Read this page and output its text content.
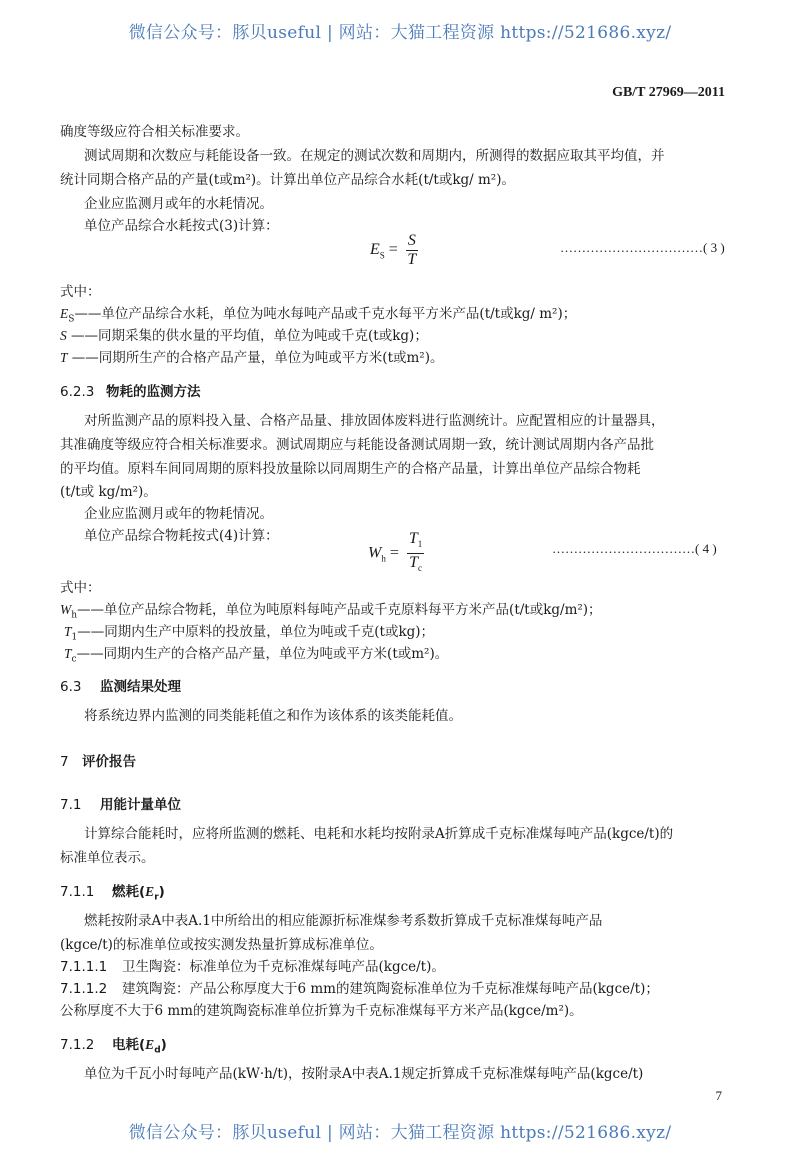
微信公众号：豚贝useful | 网站：大猫工程资源 https://521686.xyz/
GB/T 27969—2011
确度等级应符合相关标准要求。
测试周期和次数应与耗能设备一致。在规定的测试次数和周期内，所测得的数据应取其平均值，并
统计同期合格产品的产量(t或m²)。计算出单位产品综合水耗(t/t或kg/ m²)。
企业应监测月或年的水耗情况。
单位产品综合水耗按式(3)计算：
$E_S = \frac{S}{T}$	……………………………( 3 )
式中：
$E_S——$单位产品综合水耗，单位为吨水每吨产品或千克水每平方米产品(t/t或kg/ m²)；
S ——同期采集的供水量的平均值，单位为吨或千克(t或kg)；
T ——同期所生产的合格产品产量，单位为吨或平方米(t或m²)。
6.2.3 物耗的监测方法
对所监测产品的原料投入量、合格产品量、排放固体废料进行监测统计。应配置相应的计量器具，
其准确度等级应符合相关标准要求。测试周期应与耗能设备测试周期一致，统计测试周期内各产品批
的平均值。原料车间同周期的原料投放量除以同周期生产的合格产品量，计算出单位产品综合物耗
(t/t或 kg/m²)。
企业应监测月或年的物耗情况。
单位产品综合物耗按式(4)计算：
$W_h = \frac{T_1}{T_c}$	……………………………( 4 )
式中：
$W_h——$单位产品综合物耗，单位为吨原料每吨产品或千克原料每平方米产品(t/t或kg/m²)；
$T_1——$同期内生产中原料的投放量，单位为吨或千克(t或kg)；
$T_c——$同期内生产的合格产品产量，单位为吨或平方米(t或m²)。
6.3 监测结果处理
将系统边界内监测的同类能耗值之和作为该体系的该类能耗值。
7 评价报告
7.1 用能计量单位
计算综合能耗时，应将所监测的燃耗、电耗和水耗均按附录A折算成千克标准煤每吨产品(kgce/t)的
标准单位表示。
7.1.1 燃耗$(E_r)$
燃耗按附录A中表A.1中所给出的相应能源折标准煤参考系数折算成千克标准煤每吨产品
(kgce/t)的标准单位或按实测发热量折算成标准单位。
7.1.1.1 卫生陶瓷：标准单位为千克标准煤每吨产品(kgce/t)。
7.1.1.2 建筑陶瓷：产品公称厚度大于6 mm的建筑陶瓷标准单位为千克标准煤每吨产品(kgce/t)；
公称厚度不大于6 mm的建筑陶瓷标准单位折算为千克标准煤每平方米产品(kgce/m²)。
7.1.2 电耗$(E_d)$
单位为千瓦小时每吨产品(kW·h/t)，按附录A中表A.1规定折算成千克标准煤每吨产品(kgce/t)
7
微信公众号：豚贝useful | 网站：大猫工程资源 https://521686.xyz/
